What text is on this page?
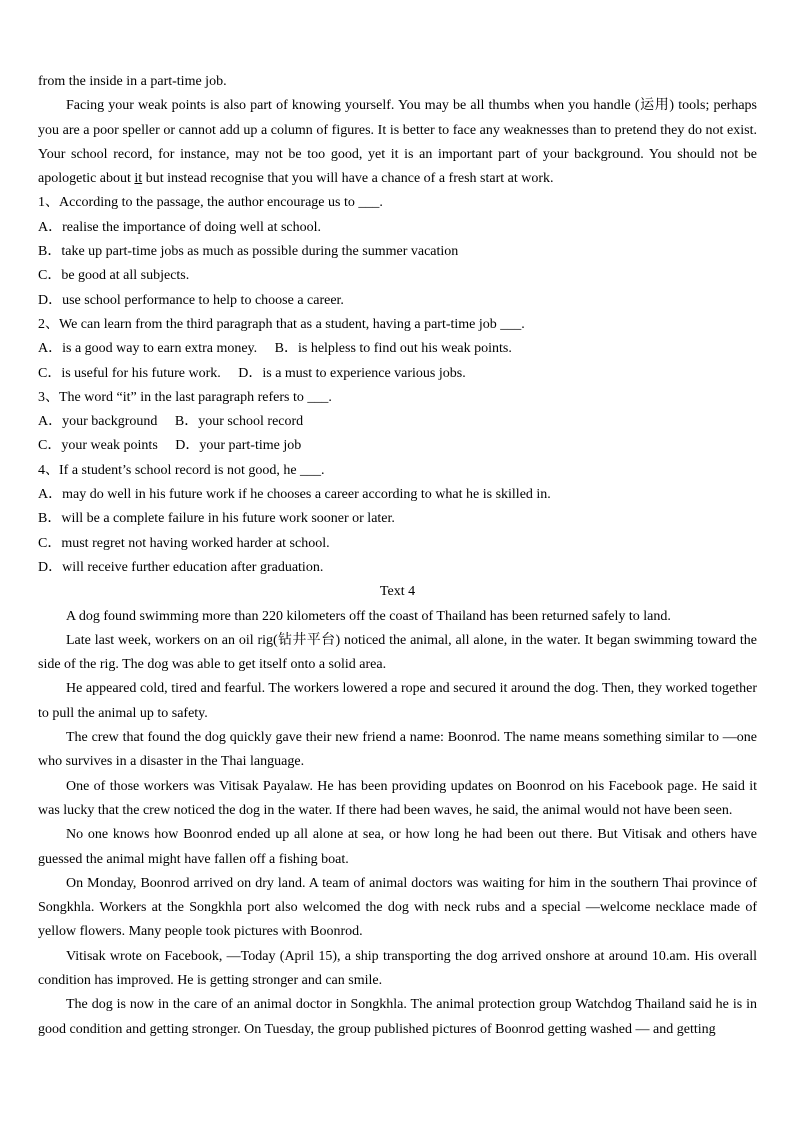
from the inside in a part-time job.

Facing your weak points is also part of knowing yourself. You may be all thumbs when you handle (运用) tools; perhaps you are a poor speller or cannot add up a column of figures. It is better to face any weaknesses than to pretend they do not exist. Your school record, for instance, may not be too good, yet it is an important part of your background. You should not be apologetic about it but instead recognise that you will have a chance of a fresh start at work.

1、According to the passage, the author encourage us to ___.

A．realise the importance of doing well at school.

B．take up part-time jobs as much as possible during the summer vacation

C．be good at all subjects.

D．use school performance to help to choose a career.

2、We can learn from the third paragraph that as a student, having a part-time job ___.

A．is a good way to earn extra money.  B．is helpless to find out his weak points.

C．is useful for his future work.  D．is a must to experience various jobs.

3、The word “it” in the last paragraph refers to ___.

A．your background  B．your school record

C．your weak points  D．your part-time job

4、If a student’s school record is not good, he ___.

A．may do well in his future work if he chooses a career according to what he is skilled in.

B．will be a complete failure in his future work sooner or later.

C．must regret not having worked harder at school.

D．will receive further education after graduation.

Text 4

A dog found swimming more than 220 kilometers off the coast of Thailand has been returned safely to land.

Late last week, workers on an oil rig(钻井平台) noticed the animal, all alone, in the water. It began swimming toward the side of the rig. The dog was able to get itself onto a solid area.

He appeared cold, tired and fearful. The workers lowered a rope and secured it around the dog. Then, they worked together to pull the animal up to safety.

The crew that found the dog quickly gave their new friend a name: Boonrod. The name means something similar to —one who survives in a disaster in the Thai language.

One of those workers was Vitisak Payalaw. He has been providing updates on Boonrod on his Facebook page. He said it was lucky that the crew noticed the dog in the water. If there had been waves, he said, the animal would not have been seen.

No one knows how Boonrod ended up all alone at sea, or how long he had been out there. But Vitisak and others have guessed the animal might have fallen off a fishing boat.

On Monday, Boonrod arrived on dry land. A team of animal doctors was waiting for him in the southern Thai province of Songkhla. Workers at the Songkhla port also welcomed the dog with neck rubs and a special —welcome necklace made of yellow flowers. Many people took pictures with Boonrod.

Vitisak wrote on Facebook, —Today (April 15), a ship transporting the dog arrived onshore at around 10.am. His overall condition has improved. He is getting stronger and can smile.

The dog is now in the care of an animal doctor in Songkhla. The animal protection group Watchdog Thailand said he is in good condition and getting stronger. On Tuesday, the group published pictures of Boonrod getting washed — and getting
